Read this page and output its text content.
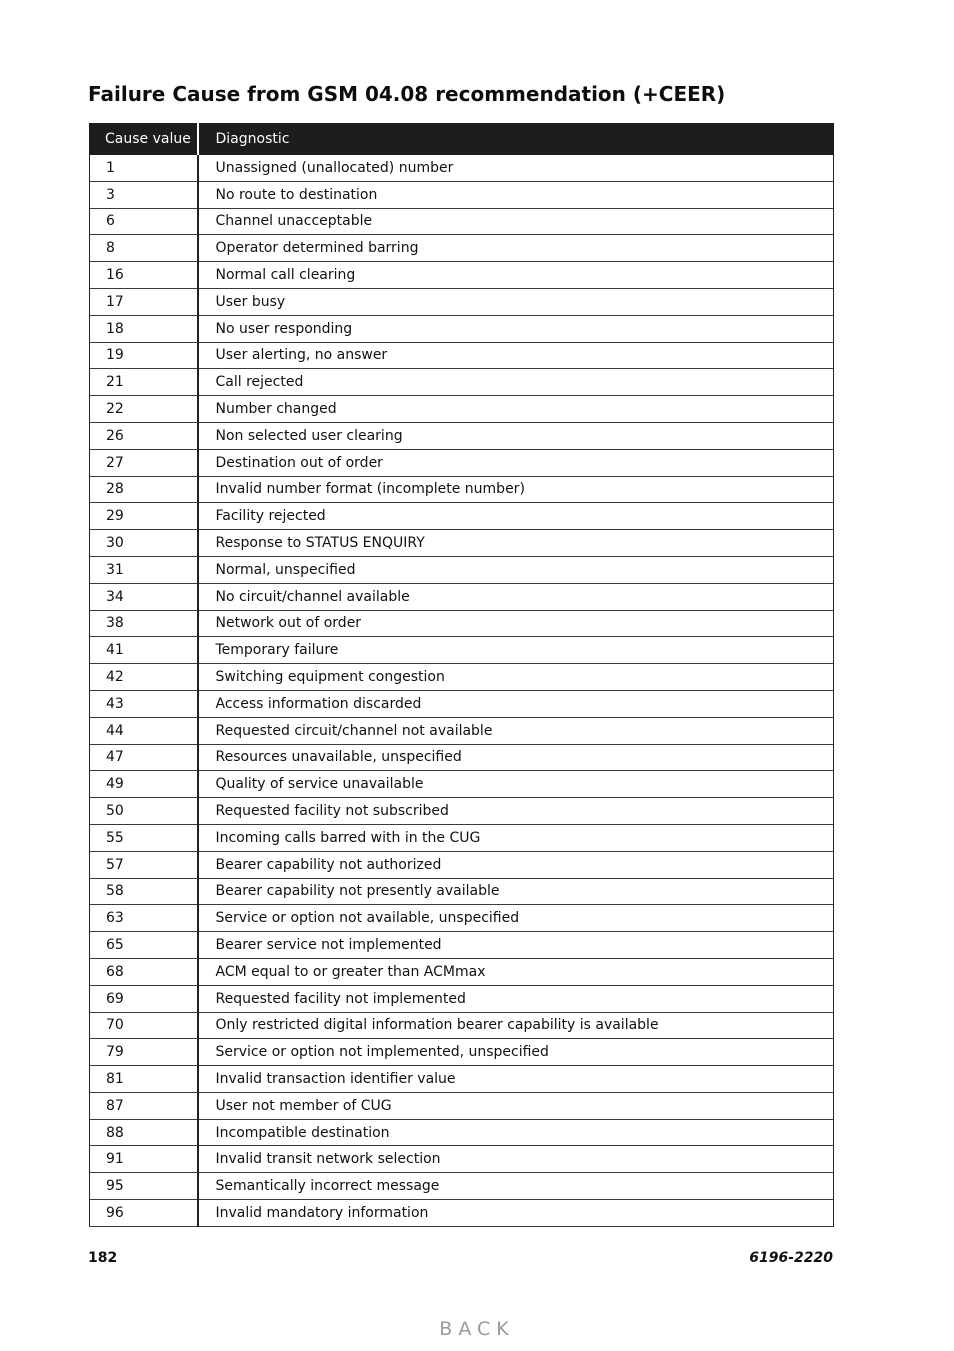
Failure Cause from GSM 04.08 recommendation (+CEER)
Cause value	Diagnostic
1	Unassigned (unallocated) number
3	No route to destination
6	Channel unacceptable
8	Operator determined barring
16	Normal call clearing
17	User busy
18	No user responding
19	User alerting, no answer
21	Call rejected
22	Number changed
26	Non selected user clearing
27	Destination out of order
28	Invalid number format (incomplete number)
29	Facility rejected
30	Response to STATUS ENQUIRY
31	Normal, unspecified
34	No circuit/channel available
38	Network out of order
41	Temporary failure
42	Switching equipment congestion
43	Access information discarded
44	Requested circuit/channel not available
47	Resources unavailable, unspecified
49	Quality of service unavailable
50	Requested facility not subscribed
55	Incoming calls barred with in the CUG
57	Bearer capability not authorized
58	Bearer capability not presently available
63	Service or option not available, unspecified
65	Bearer service not implemented
68	ACM equal to or greater than ACMmax
69	Requested facility not implemented
70	Only restricted digital information bearer capability is available
79	Service or option not implemented, unspecified
81	Invalid transaction identifier value
87	User not member of CUG
88	Incompatible destination
91	Invalid transit network selection
95	Semantically incorrect message
96	Invalid mandatory information
182	6196-2220
BACK
